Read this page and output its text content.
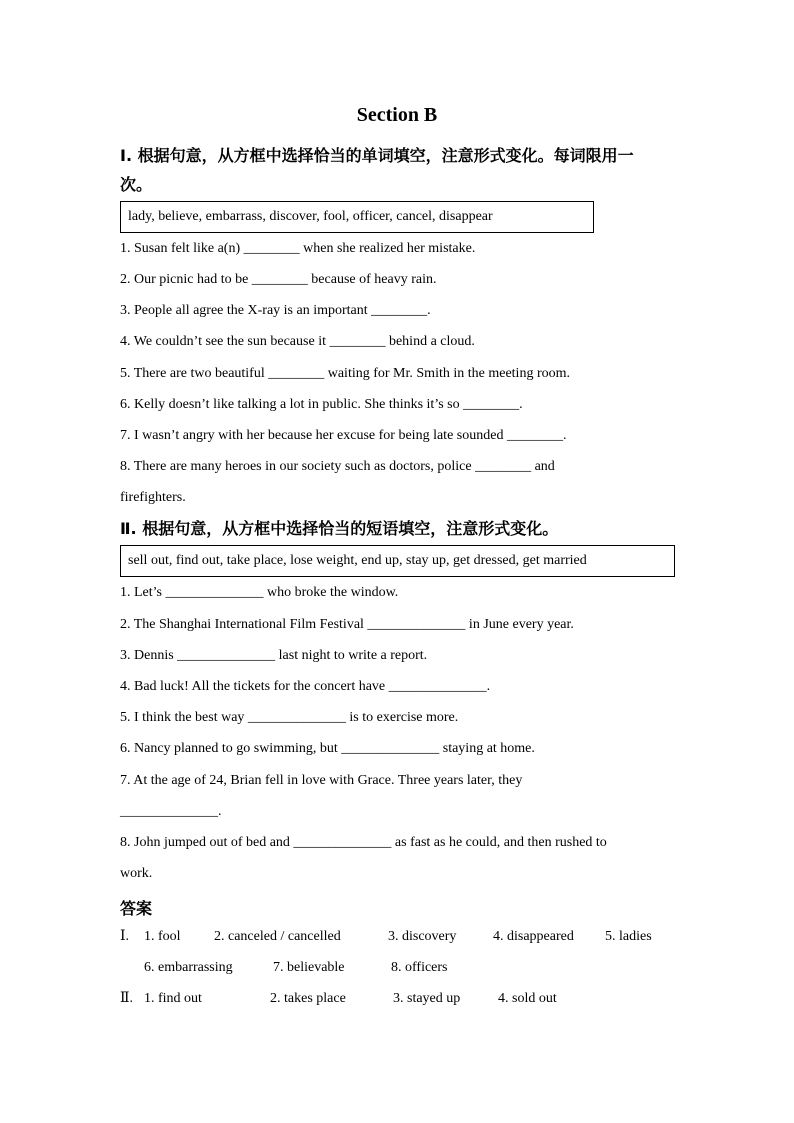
Section B
Ⅰ. 根据句意，从方框中选择恰当的单词填空，注意形式变化。每词限用一
次。
lady, believe, embarrass, discover, fool, officer, cancel, disappear
1. Susan felt like a(n) ________ when she realized her mistake.
2. Our picnic had to be ________ because of heavy rain.
3. People all agree the X-ray is an important ________.
4. We couldn’t see the sun because it ________ behind a cloud.
5. There are two beautiful ________ waiting for Mr. Smith in the meeting room.
6. Kelly doesn’t like talking a lot in public. She thinks it’s so ________.
7. I wasn’t angry with her because her excuse for being late sounded ________.
8. There are many heroes in our society such as doctors, police ________ and
firefighters.
Ⅱ. 根据句意，从方框中选择恰当的短语填空，注意形式变化。
sell out, find out, take place, lose weight, end up, stay up, get dressed, get married
1. Let’s ______________ who broke the window.
2. The Shanghai International Film Festival ______________ in June every year.
3. Dennis ______________ last night to write a report.
4. Bad luck! All the tickets for the concert have ______________.
5. I think the best way ______________ is to exercise more.
6. Nancy planned to go swimming, but ______________ staying at home.
7. At the age of 24, Brian fell in love with Grace. Three years later, they
______________.
8. John jumped out of bed and ______________ as fast as he could, and then rushed to
work.
答案
Ⅰ. 1. fool 2. canceled / cancelled	3. discovery	4. disappeared 5. ladies
6. embarrassing	7. believable	8. officers
Ⅱ. 1. find out	2. takes place	3. stayed up	4. sold out
